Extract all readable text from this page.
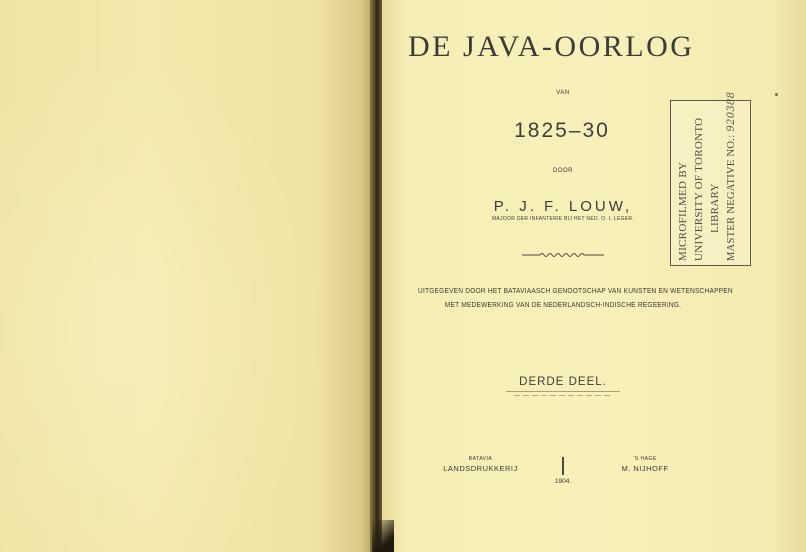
DE JAVA-OORLOG
VAN
1825–30
DOOR
P. J. F. LOUW,
MAJOOR DER INFANTERIE BIJ HET NED. O. I. LEGER.
UITGEGEVEN DOOR HET BATAVIAASCH GENOOTSCHAP VAN KUNSTEN EN WETENSCHAPPEN
MET MEDEWERKING VAN DE NEDERLANDSCH-INDISCHE REGEERING.
DERDE DEEL.
BATAVIA
LANDSDRUKKERIJ
'S HAGE
M. NIJHOFF
1904.
MICROFILMED BY UNIVERSITY OF TORONTO LIBRARY MASTER NEGATIVE NO.: 920388
